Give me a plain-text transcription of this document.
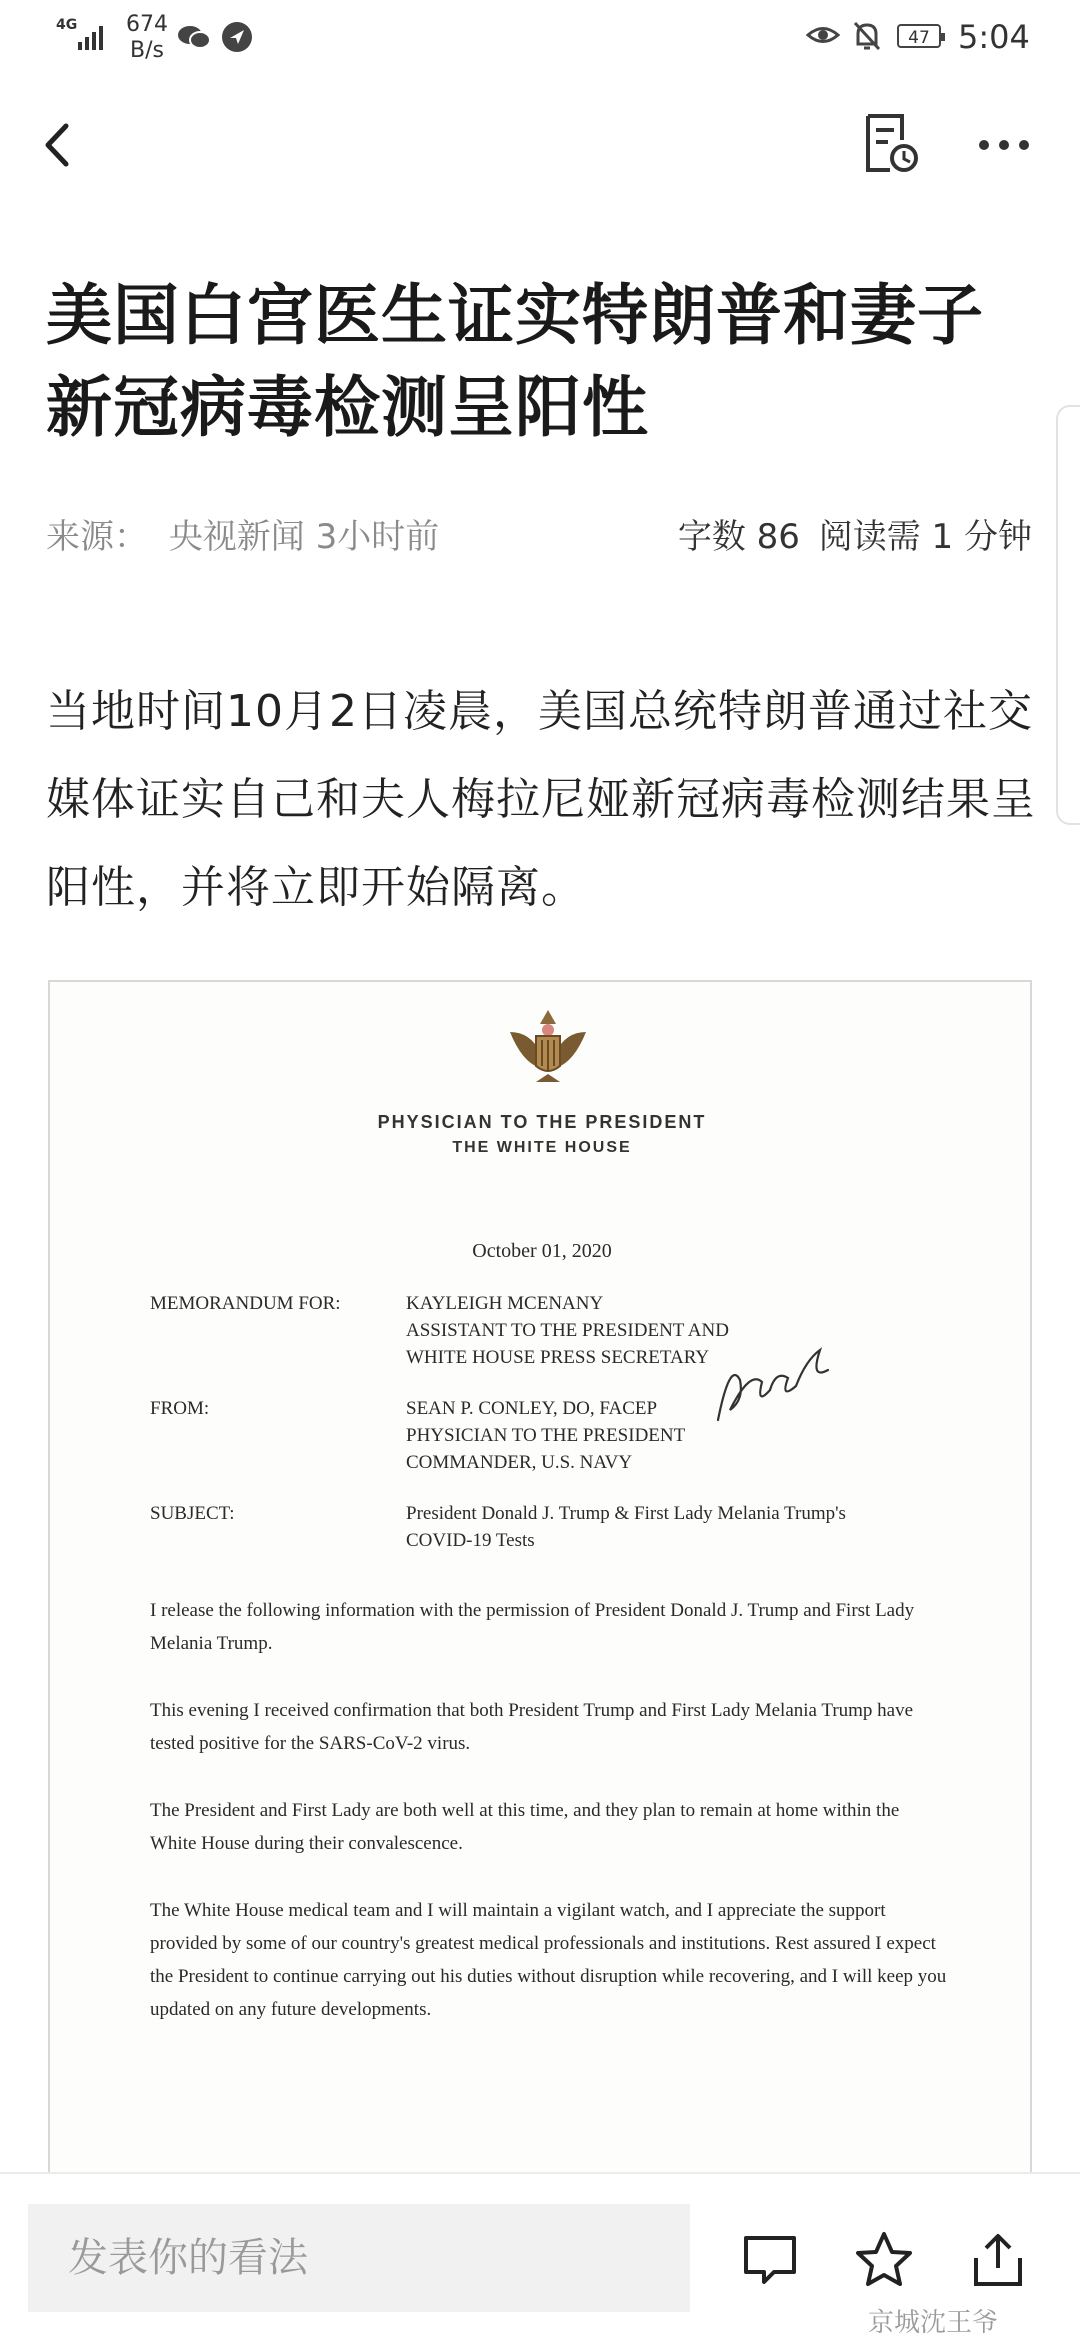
4G 674
B/s	47 5:04
美国白宫医生证实特朗普和妻子新冠病毒检测呈阳性
来源： 央视新闻 3小时前	字数 86 阅读需 1 分钟

当地时间10月2日凌晨，美国总统特朗普通过社交媒体证实自己和夫人梅拉尼娅新冠病毒检测结果呈阳性，并将立即开始隔离。

PHYSICIAN TO THE PRESIDENT
THE WHITE HOUSE
October 01, 2020
MEMORANDUM FOR:	KAYLEIGH MCENANY
ASSISTANT TO THE PRESIDENT AND
WHITE HOUSE PRESS SECRETARY
FROM:	SEAN P. CONLEY, DO, FACEP
PHYSICIAN TO THE PRESIDENT
COMMANDER, U.S. NAVY
SUBJECT:	President Donald J. Trump & First Lady Melania Trump's
COVID-19 Tests

I release the following information with the permission of President Donald J. Trump and First Lady Melania Trump.

This evening I received confirmation that both President Trump and First Lady Melania Trump have tested positive for the SARS-CoV-2 virus.

The President and First Lady are both well at this time, and they plan to remain at home within the White House during their convalescence.

The White House medical team and I will maintain a vigilant watch, and I appreciate the support provided by some of our country's greatest medical professionals and institutions. Rest assured I expect the President to continue carrying out his duties without disruption while recovering, and I will keep you updated on any future developments.

发表你的看法
京城沈王爷
